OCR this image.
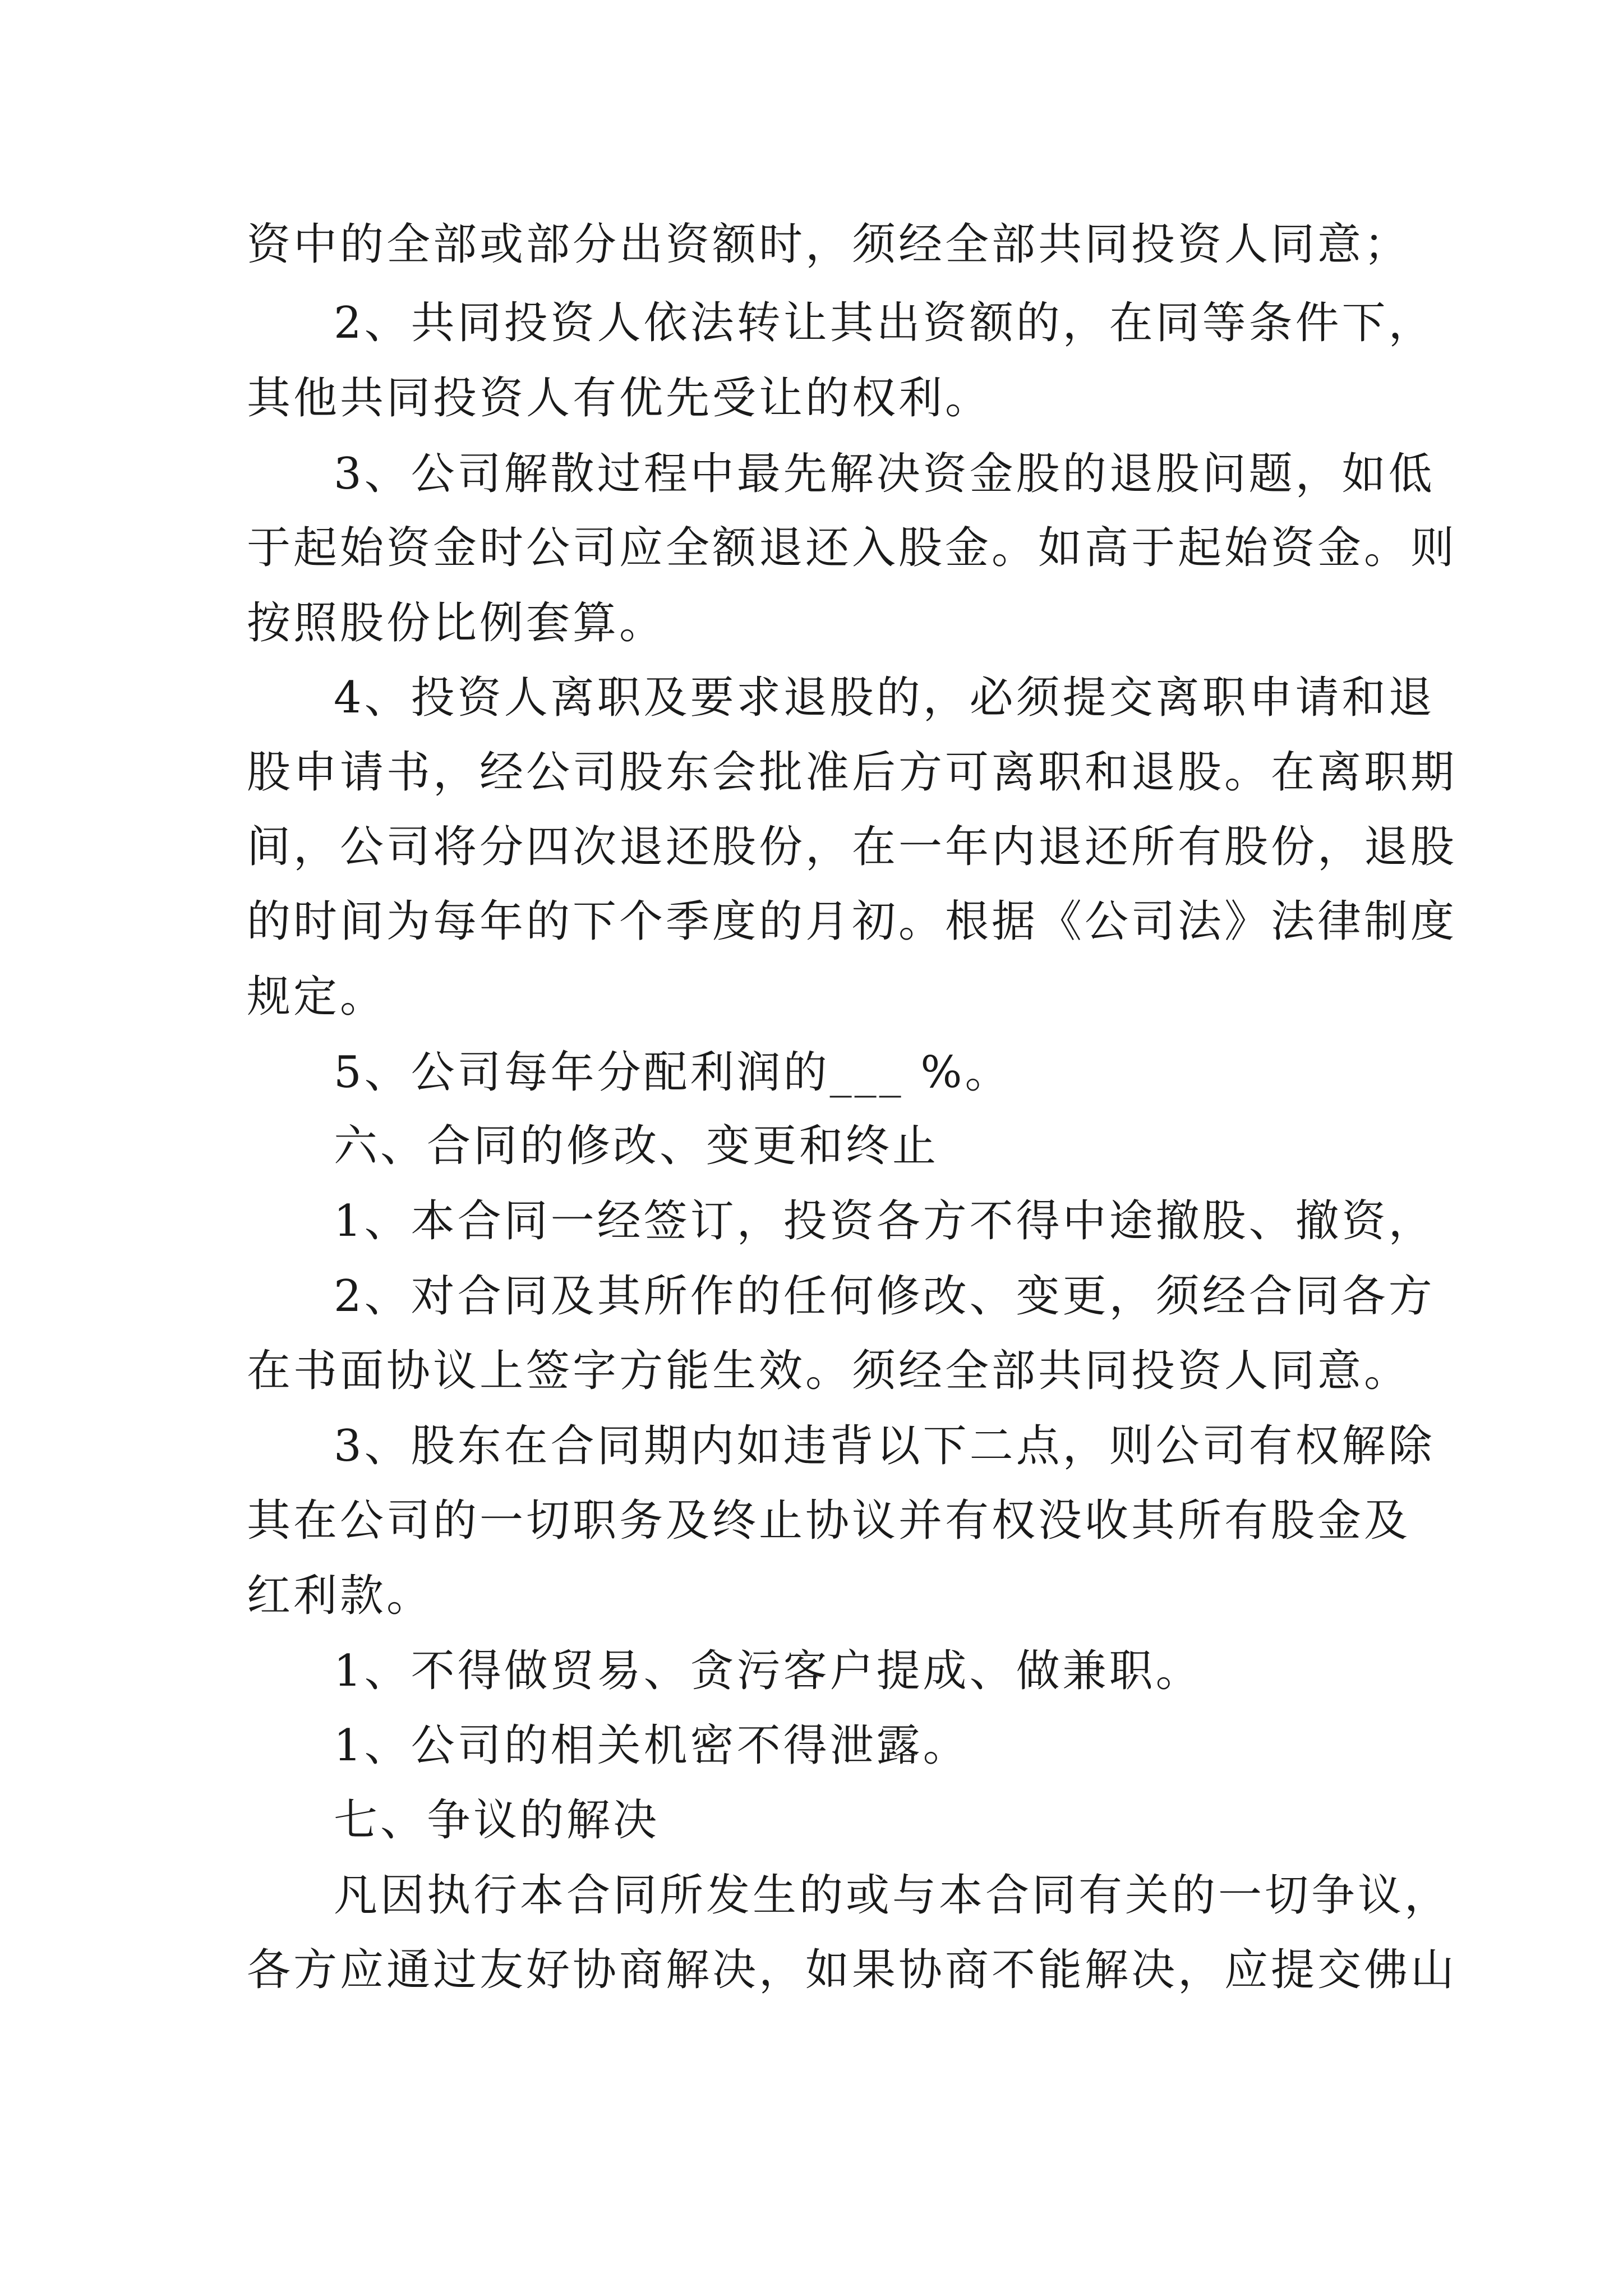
资中的全部或部分出资额时，须经全部共同投资人同意；
2、共同投资人依法转让其出资额的，在同等条件下，
其他共同投资人有优先受让的权利。
3、公司解散过程中最先解决资金股的退股问题，如低
于起始资金时公司应全额退还入股金。如高于起始资金。则
按照股份比例套算。
4、投资人离职及要求退股的，必须提交离职申请和退
股申请书，经公司股东会批准后方可离职和退股。在离职期
间，公司将分四次退还股份，在一年内退还所有股份，退股
的时间为每年的下个季度的月初。根据《公司法》法律制度
规定。
5、公司每年分配利润的___ %。
六、合同的修改、变更和终止
1、本合同一经签订，投资各方不得中途撤股、撤资，
2、对合同及其所作的任何修改、变更，须经合同各方
在书面协议上签字方能生效。须经全部共同投资人同意。
3、股东在合同期内如违背以下二点，则公司有权解除
其在公司的一切职务及终止协议并有权没收其所有股金及
红利款。
1、不得做贸易、贪污客户提成、做兼职。
1、公司的相关机密不得泄露。
七、争议的解决
凡因执行本合同所发生的或与本合同有关的一切争议，
各方应通过友好协商解决，如果协商不能解决，应提交佛山
